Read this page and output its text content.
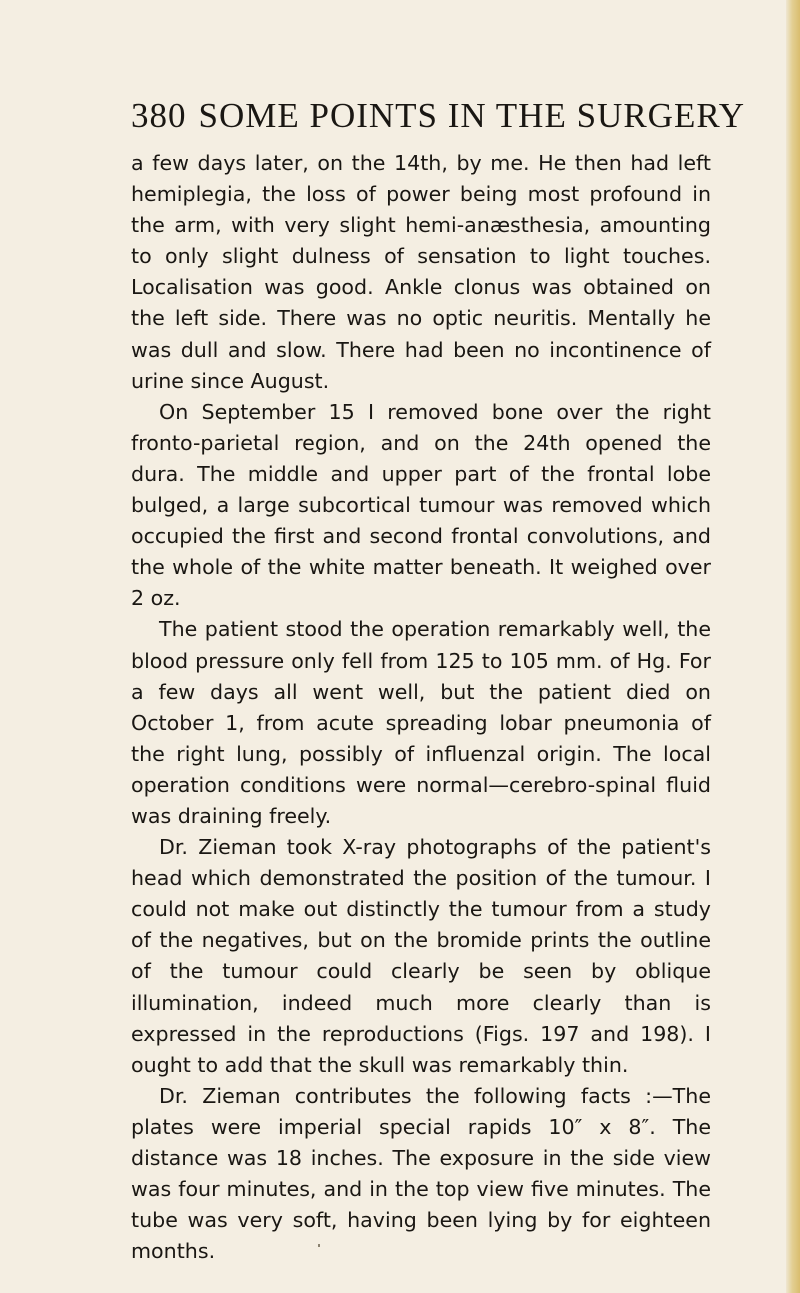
380 SOME POINTS IN THE SURGERY

a few days later, on the 14th, by me. He then had left hemiplegia, the loss of power being most profound in the arm, with very slight hemi-anæsthesia, amounting to only slight dulness of sensation to light touches. Localisation was good. Ankle clonus was obtained on the left side. There was no optic neuritis. Mentally he was dull and slow. There had been no incontinence of urine since August.

On September 15 I removed bone over the right fronto-parietal region, and on the 24th opened the dura. The middle and upper part of the frontal lobe bulged, a large subcortical tumour was removed which occupied the first and second frontal convolutions, and the whole of the white matter beneath. It weighed over 2 oz.

The patient stood the operation remarkably well, the blood pressure only fell from 125 to 105 mm. of Hg. For a few days all went well, but the patient died on October 1, from acute spreading lobar pneumonia of the right lung, possibly of influenzal origin. The local operation conditions were normal—cerebro-spinal fluid was draining freely.

Dr. Zieman took X-ray photographs of the patient's head which demonstrated the position of the tumour. I could not make out distinctly the tumour from a study of the negatives, but on the bromide prints the outline of the tumour could clearly be seen by oblique illumination, indeed much more clearly than is expressed in the reproductions (Figs. 197 and 198). I ought to add that the skull was remarkably thin.

Dr. Zieman contributes the following facts :—The plates were imperial special rapids 10″ x 8″. The distance was 18 inches. The exposure in the side view was four minutes, and in the top view five minutes. The tube was very soft, having been lying by for eighteen months.
